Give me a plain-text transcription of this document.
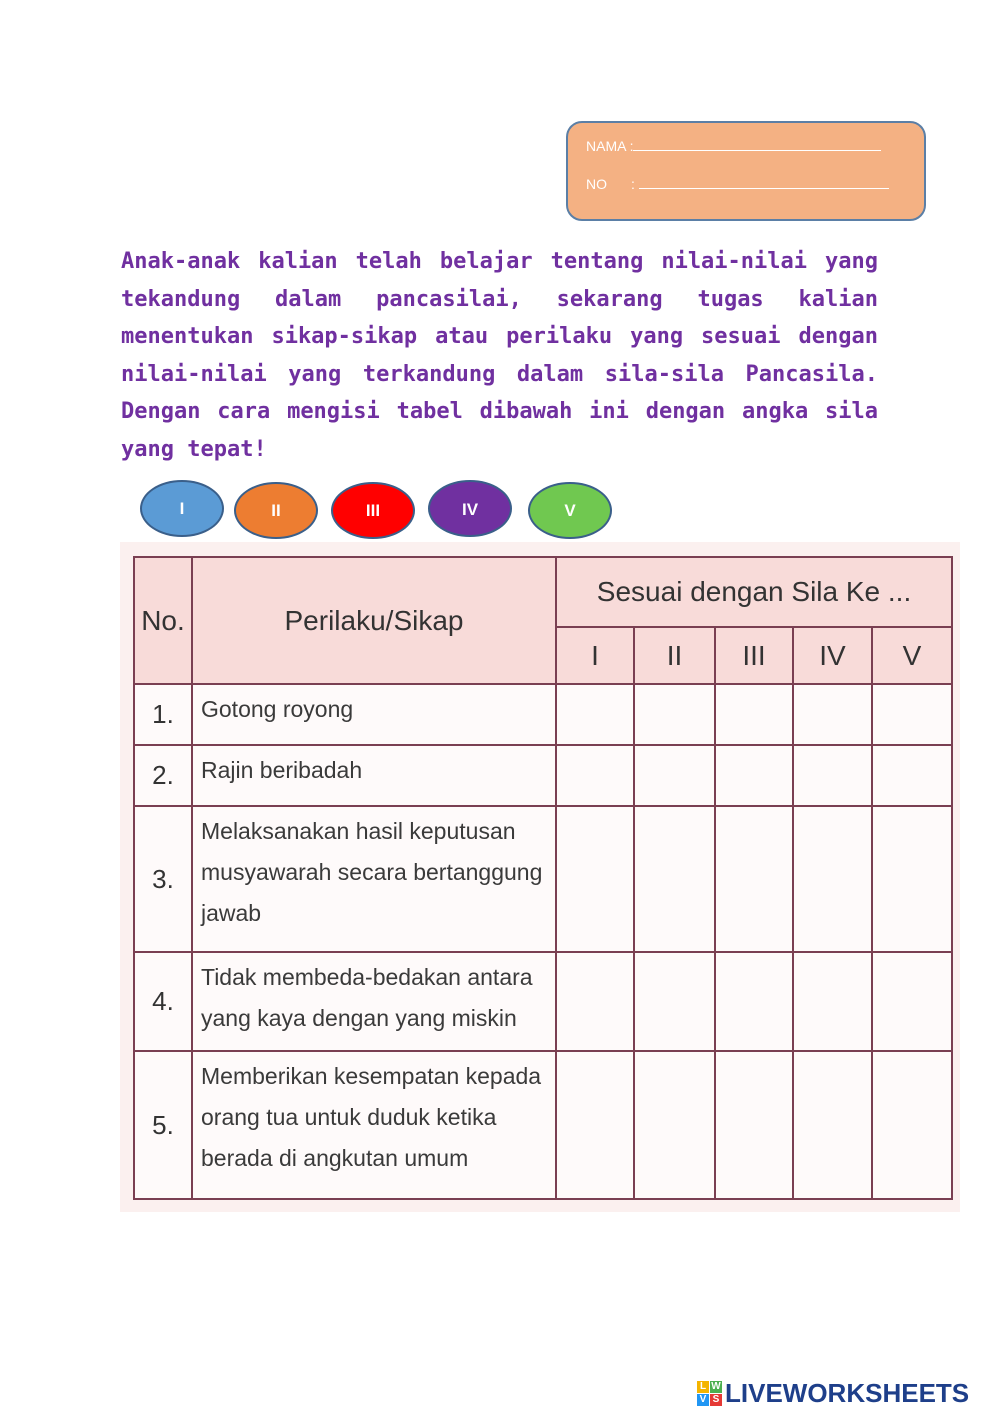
NAMA :
NO :

Anak-anak kalian telah belajar tentang nilai-nilai yang tekandung dalam pancasilai, sekarang tugas kalian menentukan sikap-sikap atau perilaku yang sesuai dengan nilai-nilai yang terkandung dalam sila-sila Pancasila. Dengan cara mengisi tabel dibawah ini dengan angka sila yang tepat!

I	II	III	IV	V
No.	Perilaku/Sikap	Sesuai dengan Sila Ke ...				
		I	II	III	IV	V
1.	Gotong royong					
2.	Rajin beribadah					
3.	Melaksanakan hasil keputusan musyawarah secara bertanggung jawab					
4.	Tidak membeda-bedakan antara yang kaya dengan yang miskin					
5.	Memberikan kesempatan kepada orang tua untuk duduk ketika berada di angkutan umum					
L W
V S LIVEWORKSHEETS
